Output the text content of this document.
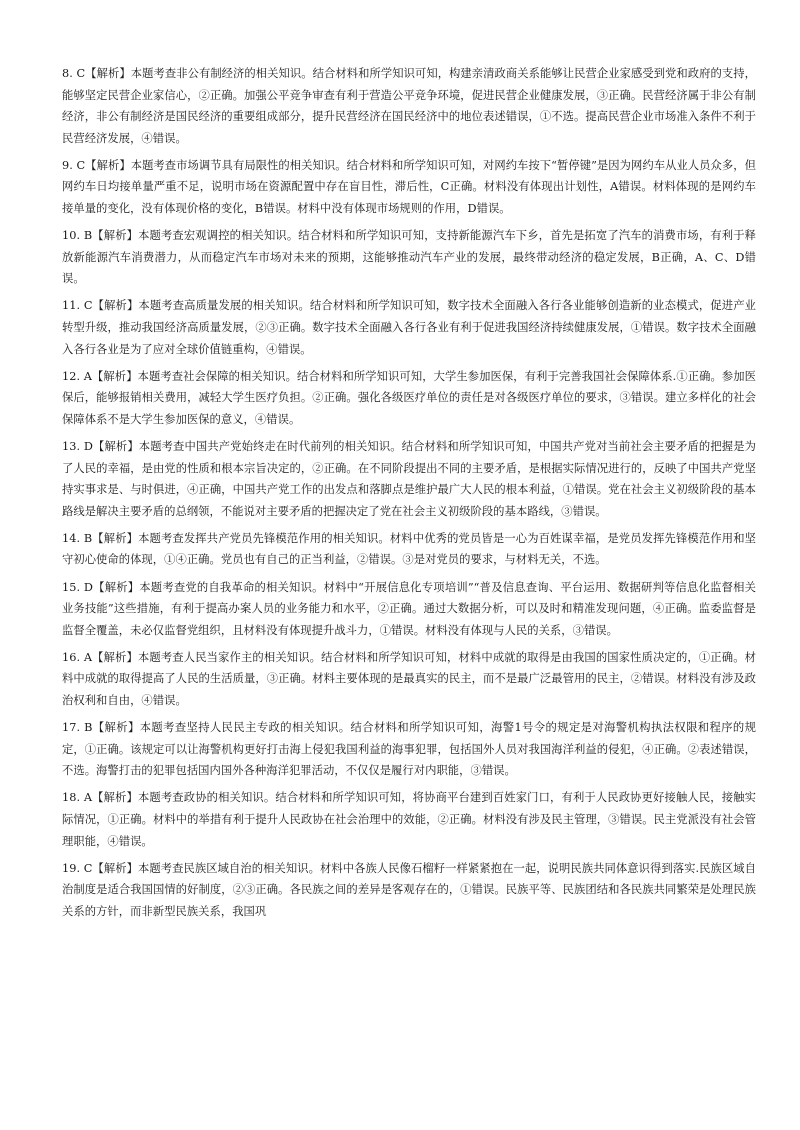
8. C【解析】本题考查非公有制经济的相关知识。结合材料和所学知识可知，构建亲清政商关系能够让民营企业家感受到党和政府的支持，能够坚定民营企业家信心，②正确。加强公平竞争审查有利于营造公平竞争环境，促进民营企业健康发展，③正确。民营经济属于非公有制经济，非公有制经济是国民经济的重要组成部分，提升民营经济在国民经济中的地位表述错误，①不选。提高民营企业市场准入条件不利于民营经济发展，④错误。

9. C【解析】本题考查市场调节具有局限性的相关知识。结合材料和所学知识可知，对网约车按下“暂停键”是因为网约车从业人员众多，但网约车日均接单量严重不足，说明市场在资源配置中存在盲目性，滞后性，C正确。材料没有体现出计划性，A错误。材料体现的是网约车接单量的变化，没有体现价格的变化，B错误。材料中没有体现市场规则的作用，D错误。

10. B【解析】本题考查宏观调控的相关知识。结合材料和所学知识可知，支持新能源汽车下乡，首先是拓宽了汽车的消费市场，有利于释放新能源汽车消费潜力，从而稳定汽车市场对未来的预期，这能够推动汽车产业的发展，最终带动经济的稳定发展，B正确，A、C、D错误。

11. C【解析】本题考查高质量发展的相关知识。结合材料和所学知识可知，数字技术全面融入各行各业能够创造新的业态模式，促进产业转型升级，推动我国经济高质量发展，②③正确。数字技术全面融入各行各业有利于促进我国经济持续健康发展，①错误。数字技术全面融入各行各业是为了应对全球价值链重构，④错误。

12. A【解析】本题考查社会保障的相关知识。结合材料和所学知识可知，大学生参加医保，有利于完善我国社会保障体系.①正确。参加医保后，能够报销相关费用，减轻大学生医疗负担。②正确。强化各级医疗单位的责任是对各级医疗单位的要求，③错误。建立多样化的社会保障体系不是大学生参加医保的意义，④错误。

13. D【解析】本题考查中国共产党始终走在时代前列的相关知识。结合材料和所学知识可知，中国共产党对当前社会主要矛盾的把握是为了人民的幸福，是由党的性质和根本宗旨决定的，②正确。在不同阶段提出不同的主要矛盾，是根据实际情况进行的，反映了中国共产党坚持实事求是、与时俱进，④正确，中国共产党工作的出发点和落脚点是维护最广大人民的根本利益，①错误。党在社会主义初级阶段的基本路线是解决主要矛盾的总纲领，不能说对主要矛盾的把握决定了党在社会主义初级阶段的基本路线，③错误。

14. B【解析】本题考查发挥共产党员先锋模范作用的相关知识。材料中优秀的党员皆是一心为百姓谋幸福，是党员发挥先锋模范作用和坚守初心使命的体现，①④正确。党员也有自己的正当利益，②错误。③是对党员的要求，与材料无关，不选。

15. D【解析】本题考查党的自我革命的相关知识。材料中“开展信息化专项培训”“普及信息查询、平台运用、数据研判等信息化监督相关业务技能”这些措施，有利于提高办案人员的业务能力和水平，②正确。通过大数据分析，可以及时和精准发现问题，④正确。监委监督是监督全覆盖，未必仅监督党组织，且材料没有体现提升战斗力，①错误。材料没有体现与人民的关系，③错误。

16. A【解析】本题考查人民当家作主的相关知识。结合材料和所学知识可知，材料中成就的取得是由我国的国家性质决定的，①正确。材料中成就的取得提高了人民的生活质量，③正确。材料主要体现的是最真实的民主，而不是最广泛最管用的民主，②错误。材料没有涉及政治权利和自由，④错误。

17. B【解析】本题考查坚持人民民主专政的相关知识。结合材料和所学知识可知，海警1号令的规定是对海警机构执法权限和程序的规定，①正确。该规定可以让海警机构更好打击海上侵犯我国利益的海事犯罪，包括国外人员对我国海洋利益的侵犯，④正确。②表述错误，不选。海警打击的犯罪包括国内国外各种海洋犯罪活动，不仅仅是履行对内职能，③错误。

18. A【解析】本题考查政协的相关知识。结合材料和所学知识可知，将协商平台建到百姓家门口，有利于人民政协更好接触人民，接触实际情况，①正确。材料中的举措有利于提升人民政协在社会治理中的效能，②正确。材料没有涉及民主管理，③错误。民主党派没有社会管理职能，④错误。

19. C【解析】本题考查民族区域自治的相关知识。材料中各族人民像石榴籽一样紧紧抱在一起，说明民族共同体意识得到落实.民族区域自治制度是适合我国国情的好制度，②③正确。各民族之间的差异是客观存在的，①错误。民族平等、民族团结和各民族共同繁荣是处理民族关系的方针，而非新型民族关系，我国巩
